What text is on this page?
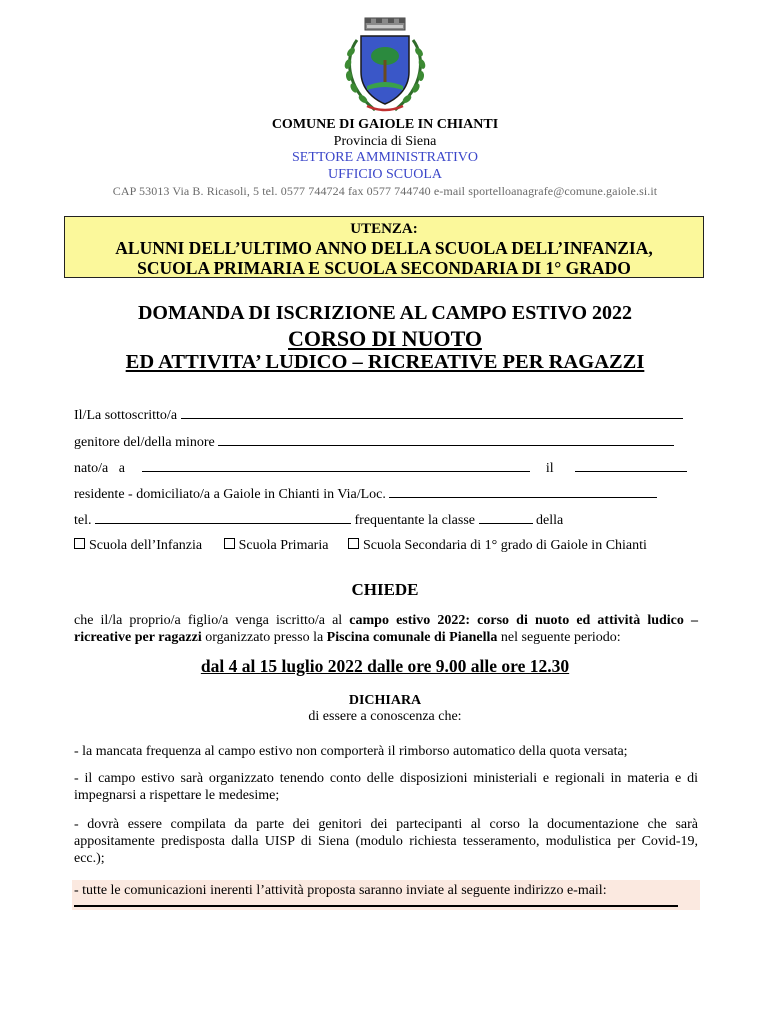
COMUNE DI GAIOLE IN CHIANTI
Provincia di Siena
SETTORE AMMINISTRATIVO
UFFICIO SCUOLA
CAP 53013 Via B. Ricasoli, 5 tel. 0577 744724 fax 0577 744740 e-mail sportelloanagrafe@comune.gaiole.si.it
UTENZA:
ALUNNI DELL’ULTIMO ANNO DELLA SCUOLA DELL’INFANZIA,
SCUOLA PRIMARIA E SCUOLA SECONDARIA DI 1° GRADO
DOMANDA DI ISCRIZIONE AL CAMPO ESTIVO 2022
CORSO DI NUOTO
ED ATTIVITA’ LUDICO – RICREATIVE PER RAGAZZI
Il/La sottoscritto/a
genitore del/della minore
nato/a   a	il
residente - domiciliato/a a Gaiole in Chianti in Via/Loc.
tel.	frequentante la classe	della
Scuola dell’Infanzia	Scuola Primaria Scuola Secondaria di 1° grado di Gaiole in Chianti
CHIEDE
che il/la proprio/a figlio/a venga iscritto/a al campo estivo 2022: corso di nuoto ed attività ludico – ricreative per ragazzi organizzato presso la Piscina comunale di Pianella nel seguente periodo:
dal 4 al 15 luglio 2022 dalle ore 9.00 alle ore 12.30
DICHIARA
di essere a conoscenza che:
- la mancata frequenza al campo estivo non comporterà il rimborso automatico della quota versata;
- il campo estivo sarà organizzato tenendo conto delle disposizioni ministeriali e regionali in materia e di impegnarsi a rispettare le medesime;
- dovrà essere compilata da parte dei genitori dei partecipanti al corso la documentazione che sarà appositamente predisposta dalla UISP di Siena (modulo richiesta tesseramento, modulistica per Covid-19, ecc.);
- tutte le comunicazioni inerenti l’attività proposta saranno inviate al seguente indirizzo e-mail:
